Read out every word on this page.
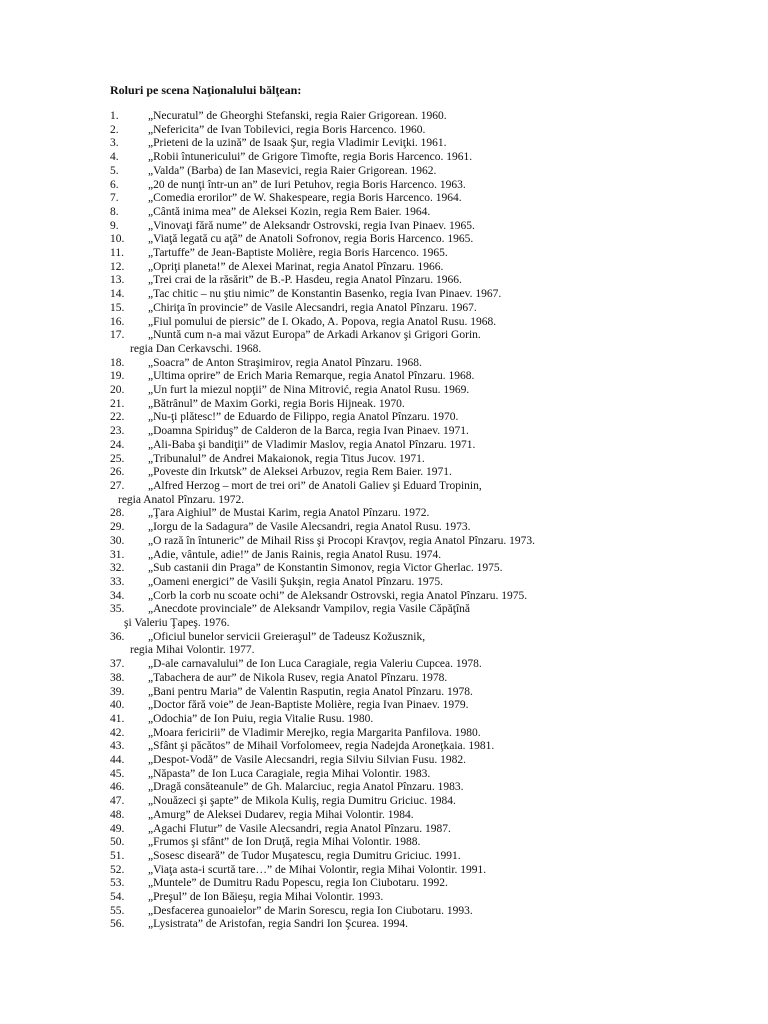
Roluri pe scena Naţionalului bălţean:
1.	„Necuratul” de Gheorghi Stefanski, regia Raier Grigorean. 1960.
2.	„Nefericita” de Ivan Tobilevici, regia Boris Harcenco. 1960.
3.	„Prieteni de la uzină” de Isaak Şur, regia Vladimir Leviţki. 1961.
4.	„Robii întunericului” de Grigore Timofte, regia Boris Harcenco. 1961.
5.	„Valda” (Barba) de Ian Masevici, regia Raier Grigorean. 1962.
6.	„20 de nunţi într-un an” de Iuri Petuhov, regia Boris Harcenco. 1963.
7.	„Comedia erorilor” de W. Shakespeare, regia Boris Harcenco. 1964.
8.	„Cântă inima mea” de Aleksei Kozin, regia Rem Baier. 1964.
9.	„Vinovaţi fără nume” de Aleksandr Ostrovski, regia Ivan Pinaev. 1965.
10. „Viaţă legată cu aţă” de Anatoli Sofronov, regia Boris Harcenco. 1965.
11. „Tartuffe” de Jean-Baptiste Molière, regia Boris Harcenco. 1965.
12. „Opriţi planeta!” de Alexei Marinat, regia Anatol Pînzaru. 1966.
13. „Trei crai de la răsărit” de B.-P. Hasdeu, regia Anatol Pînzaru. 1966.
14. „Tac chitic – nu ştiu nimic” de Konstantin Basenko, regia Ivan Pinaev. 1967.
15. „Chiriţa în provincie” de Vasile Alecsandri, regia Anatol Pînzaru. 1967.
16. „Fiul pomului de piersic” de I. Okado, A. Popova, regia Anatol Rusu. 1968.
17. „Nuntă cum n-a mai văzut Europa” de Arkadi Arkanov şi Grigori Gorin.
regia Dan Cerkavschi. 1968.
18. „Soacra” de Anton Straşimirov, regia Anatol Pînzaru. 1968.
19. „Ultima oprire” de Erich Maria Remarque, regia Anatol Pînzaru. 1968.
20. „Un furt la miezul nopţii” de Nina Mitrović, regia Anatol Rusu. 1969.
21. „Bătrânul” de Maxim Gorki, regia Boris Hijneak. 1970.
22. „Nu-ţi plătesc!” de Eduardo de Filippo, regia Anatol Pînzaru. 1970.
23. „Doamna Spiriduş” de Calderon de la Barca, regia Ivan Pinaev. 1971.
24. „Ali-Baba şi bandiţii” de Vladimir Maslov, regia Anatol Pînzaru. 1971.
25. „Tribunalul” de Andrei Makaionok, regia Titus Jucov. 1971.
26. „Poveste din Irkutsk” de Aleksei Arbuzov, regia Rem Baier. 1971.
27. „Alfred Herzog – mort de trei ori” de Anatoli Galiev şi Eduard Tropinin,
regia Anatol Pînzaru. 1972.
28. „Ţara Aighiul” de Mustai Karim, regia Anatol Pînzaru. 1972.
29. „Iorgu de la Sadagura” de Vasile Alecsandri, regia Anatol Rusu. 1973.
30. „O rază în întuneric” de Mihail Riss şi Procopi Kravţov, regia Anatol Pînzaru. 1973.
31. „Adie, vântule, adie!” de Janis Rainis, regia Anatol Rusu. 1974.
32. „Sub castanii din Praga” de Konstantin Simonov, regia Victor Gherlac. 1975.
33. „Oameni energici” de Vasili Şukşin, regia Anatol Pînzaru. 1975.
34. „Corb la corb nu scoate ochi” de Aleksandr Ostrovski, regia Anatol Pînzaru. 1975.
35. „Anecdote provinciale” de Aleksandr Vampilov, regia Vasile Căpăţînă
şi Valeriu Ţapeş. 1976.
36. „Oficiul bunelor servicii Greieraşul” de Tadeusz Kožusznik,
regia Mihai Volontir. 1977.
37. „D-ale carnavalului” de Ion Luca Caragiale, regia Valeriu Cupcea. 1978.
38. „Tabachera de aur” de Nikola Rusev, regia Anatol Pînzaru. 1978.
39. „Bani pentru Maria” de Valentin Rasputin, regia Anatol Pînzaru. 1978.
40. „Doctor fără voie” de Jean-Baptiste Molière, regia Ivan Pinaev. 1979.
41. „Odochia” de Ion Puiu, regia Vitalie Rusu. 1980.
42. „Moara fericirii” de Vladimir Merejko, regia Margarita Panfilova. 1980.
43. „Sfânt şi păcătos” de Mihail Vorfolomeev, regia Nadejda Aroneţkaia. 1981.
44. „Despot-Vodă” de Vasile Alecsandri, regia Silviu Silvian Fusu. 1982.
45. „Năpasta” de Ion Luca Caragiale, regia Mihai Volontir. 1983.
46. „Dragă consăteanule” de Gh. Malarciuc, regia Anatol Pînzaru. 1983.
47. „Nouăzeci şi şapte” de Mikola Kuliş, regia Dumitru Griciuc. 1984.
48. „Amurg” de Aleksei Dudarev, regia Mihai Volontir. 1984.
49. „Agachi Flutur” de Vasile Alecsandri, regia Anatol Pînzaru. 1987.
50. „Frumos şi sfânt” de Ion Druţă, regia Mihai Volontir. 1988.
51. „Sosesc diseară” de Tudor Muşatescu, regia Dumitru Griciuc. 1991.
52. „Viaţa asta-i scurtă tare…” de Mihai Volontir, regia Mihai Volontir. 1991.
53. „Muntele” de Dumitru Radu Popescu, regia Ion Ciubotaru. 1992.
54. „Preşul” de Ion Băieşu, regia Mihai Volontir. 1993.
55. „Desfacerea gunoaielor” de Marin Sorescu, regia Ion Ciubotaru. 1993.
56. „Lysistrata” de Aristofan, regia Sandri Ion Şcurea. 1994.
